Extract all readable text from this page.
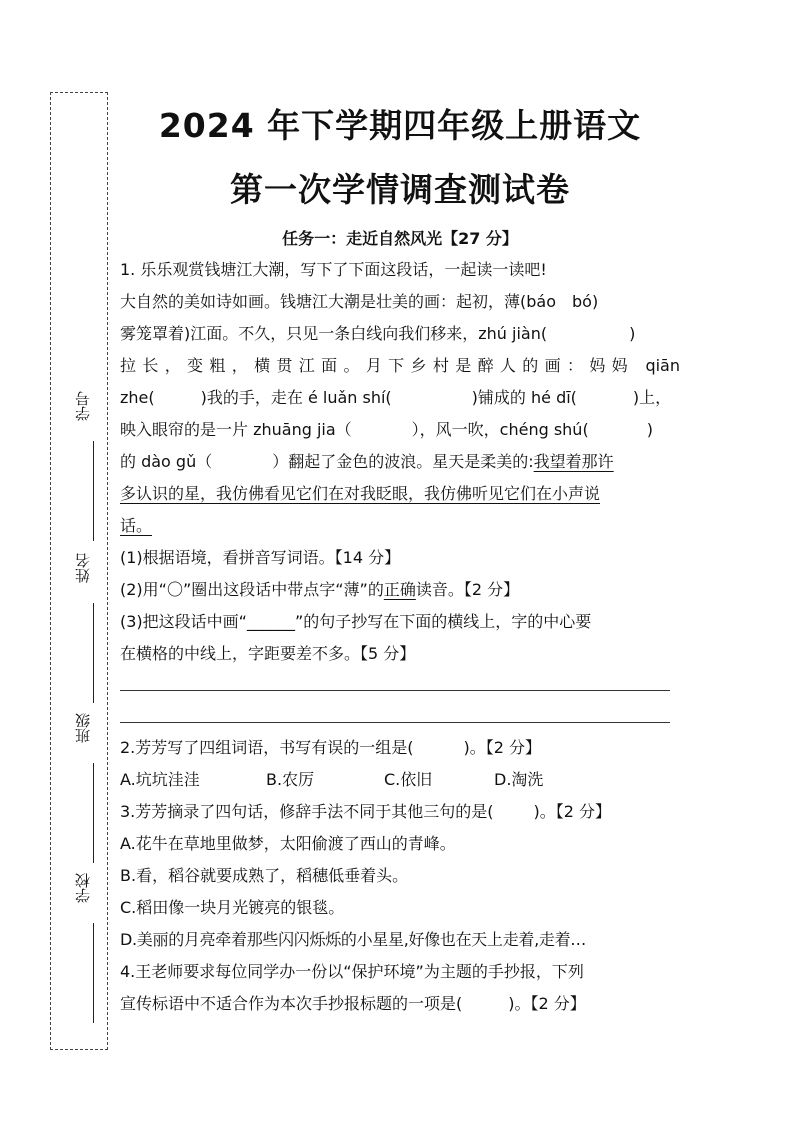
学号
姓名
班级
学校
2024 年下学期四年级上册语文
第一次学情调查测试卷
任务一：走近自然风光【27 分】
1. 乐乐观赏钱塘江大潮，写下了下面这段话，一起读一读吧!
大自然的美如诗如画。钱塘江大潮是壮美的画：起初，薄(báo　bó)
雾笼罩着)江面。不久，只见一条白线向我们移来，zhú jiàn(	)
拉长，变粗，横贯江面。月下乡村是醉人的画：妈妈 qiān
zhe(	)我的手，走在 é luǎn shí(	)铺成的 hé dī(	)上，
映入眼帘的是一片 zhuāng jia（	），风一吹，chéng shú(	)
的 dào gǔ（	）翻起了金色的波浪。星天是柔美的:我望着那许
多认识的星，我仿佛看见它们在对我眨眼，我仿佛听见它们在小声说
话。
(1)根据语境，看拼音写词语。【14 分】
(2)用“〇”圈出这段话中带点字“薄”的正确读音。【2 分】
(3)把这段话中画“______”的句子抄写在下面的横线上，字的中心要
在横格的中线上，字距要差不多。【5 分】
2.芳芳写了四组词语，书写有误的一组是(	)。【2 分】
A.坑坑洼洼	B.农厉	C.依旧	D.淘洗
3.芳芳摘录了四句话，修辞手法不同于其他三句的是(	)。【2 分】
A.花牛在草地里做梦，太阳偷渡了西山的青峰。
B.看，稻谷就要成熟了，稻穗低垂着头。
C.稻田像一块月光镀亮的银毯。
D.美丽的月亮牵着那些闪闪烁烁的小星星,好像也在天上走着,走着…
4.王老师要求每位同学办一份以“保护环境”为主题的手抄报，下列
宣传标语中不适合作为本次手抄报标题的一项是(	)。【2 分】
